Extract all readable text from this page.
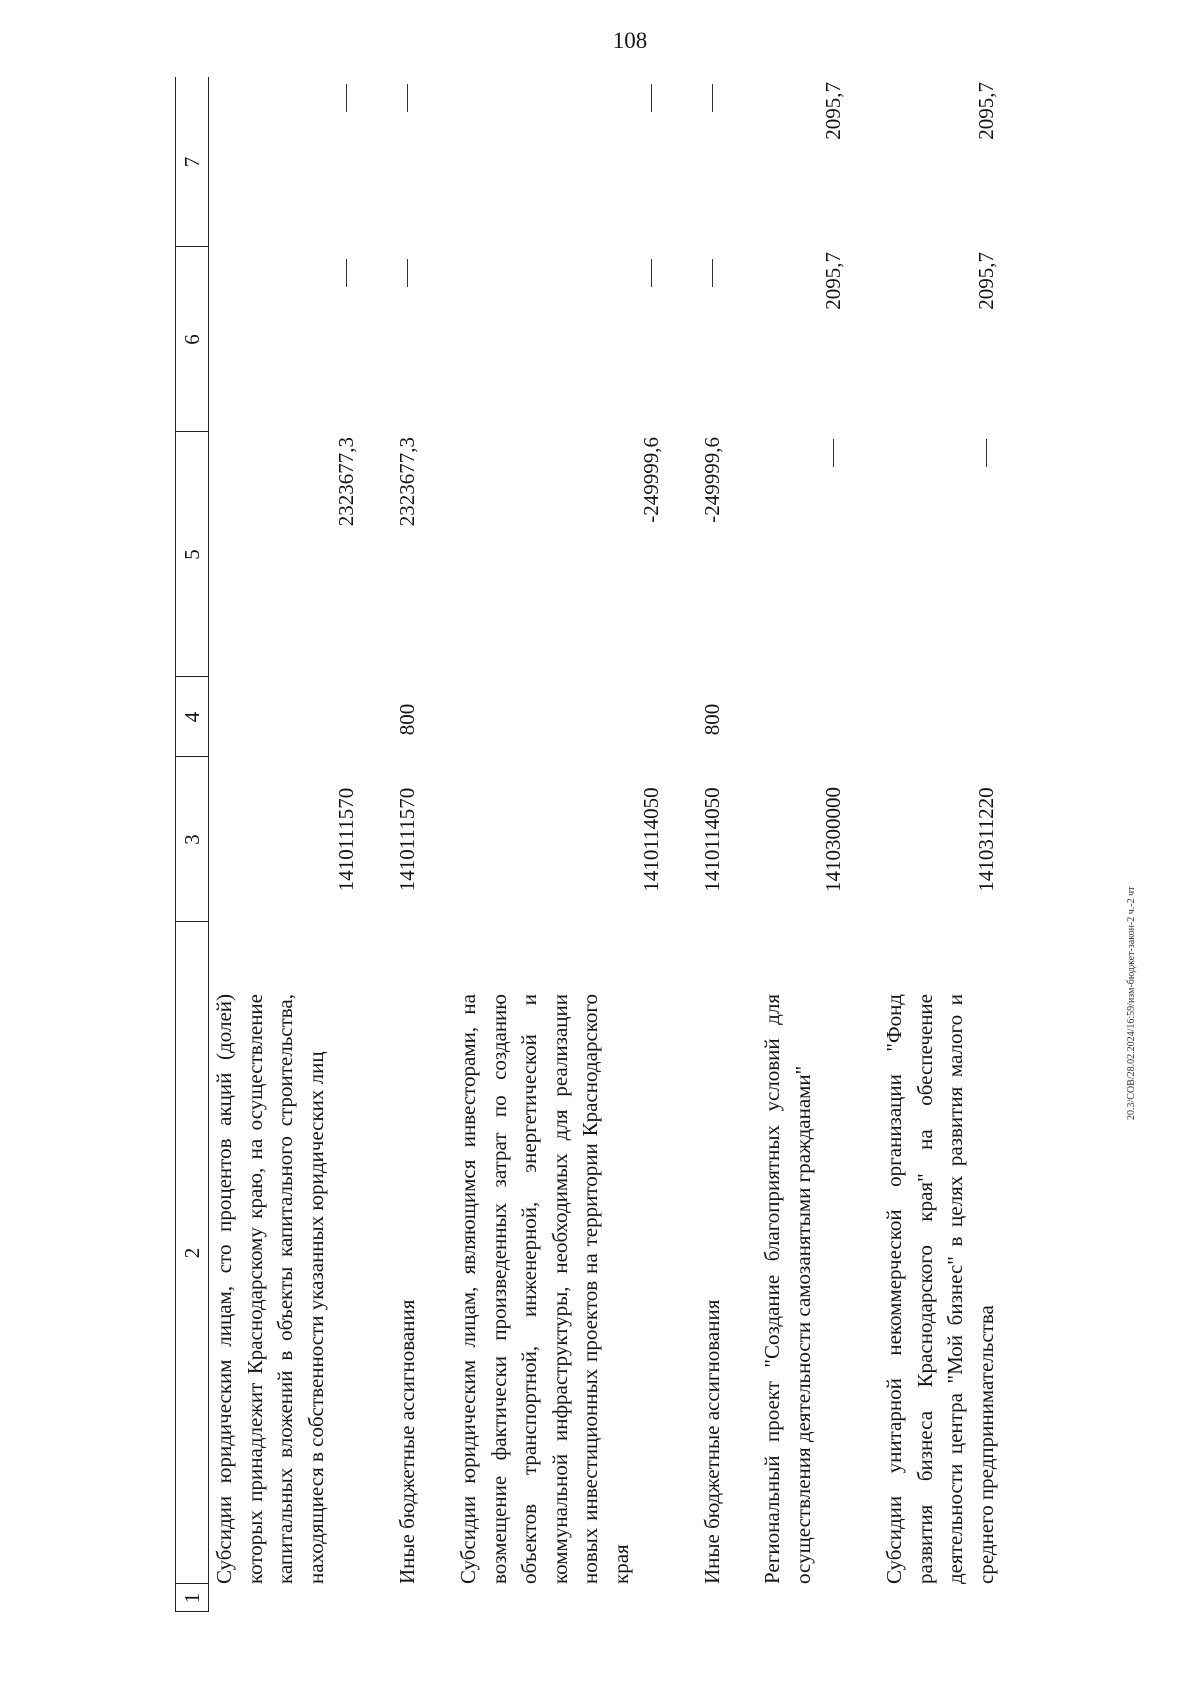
108
1
2
3
4
5
6
7
Субсидии юридическим лицам, сто процентов акций (долей) которых принадлежит Краснодарскому краю, на осуществление капитальных вложений в объекты капитального строительства, находящиеся в собственности указанных юридических лиц
1410111570
2323677,3
Иные бюджетные ассигнования
1410111570
800
2323677,3
Субсидии юридическим лицам, являющимся инвесторами, на возмещение фактически произведенных затрат по созданию объектов транспортной, инженерной, энергетической и коммунальной инфраструктуры, необходимых для реализации новых инвестиционных проектов на территории Краснодарского края
1410114050
-249999,6
Иные бюджетные ассигнования
1410114050
800
-249999,6
Региональный проект "Создание благоприятных условий для осуществления деятельности самозанятыми гражданами"
1410300000
2095,7
2095,7
Субсидии унитарной некоммерческой организации "Фонд развития бизнеса Краснодарского края" на обеспечение деятельности центра "Мой бизнес" в целях развития малого и среднего предпринимательства
1410311220
2095,7
2095,7
20.3/СОВ/28.02.2024/16:59/изм-бюджет-закон-2 ч.-2 чт
